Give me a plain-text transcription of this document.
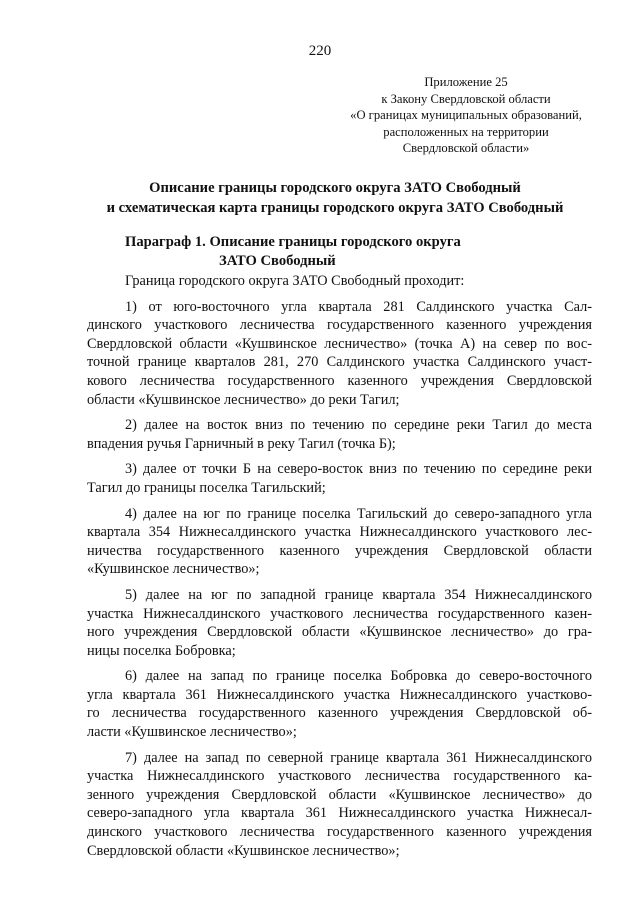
220
Приложение 25
к Закону Свердловской области
«О границах муниципальных образований,
расположенных на территории
Свердловской области»
Описание границы городского округа ЗАТО Свободный
и схематическая карта границы городского округа ЗАТО Свободный
Параграф 1. Описание границы городского округа
ЗАТО Свободный

Граница городского округа ЗАТО Свободный проходит:

1) от юго-восточного угла квартала 281 Салдинского участка Сал-
динского участкового лесничества государственного казенного учреждения
Свердловской области «Кушвинское лесничество» (точка А) на север по вос-
точной границе кварталов 281, 270 Салдинского участка Салдинского участ-
кового лесничества государственного казенного учреждения Свердловской
области «Кушвинское лесничество» до реки Тагил;

2) далее на восток вниз по течению по середине реки Тагил до места
впадения ручья Гарничный в реку Тагил (точка Б);

3) далее от точки Б на северо-восток вниз по течению по середине реки
Тагил до границы поселка Тагильский;

4) далее на юг по границе поселка Тагильский до северо-западного угла
квартала 354 Нижнесалдинского участка Нижнесалдинского участкового лес-
ничества государственного казенного учреждения Свердловской области
«Кушвинское лесничество»;

5) далее на юг по западной границе квартала 354 Нижнесалдинского
участка Нижнесалдинского участкового лесничества государственного казен-
ного учреждения Свердловской области «Кушвинское лесничество» до гра-
ницы поселка Бобровка;

6) далее на запад по границе поселка Бобровка до северо-восточного
угла квартала 361 Нижнесалдинского участка Нижнесалдинского участково-
го лесничества государственного казенного учреждения Свердловской об-
ласти «Кушвинское лесничество»;

7) далее на запад по северной границе квартала 361 Нижнесалдинского
участка Нижнесалдинского участкового лесничества государственного ка-
зенного учреждения Свердловской области «Кушвинское лесничество» до
северо-западного угла квартала 361 Нижнесалдинского участка Нижнесал-
динского участкового лесничества государственного казенного учреждения
Свердловской области «Кушвинское лесничество»;
